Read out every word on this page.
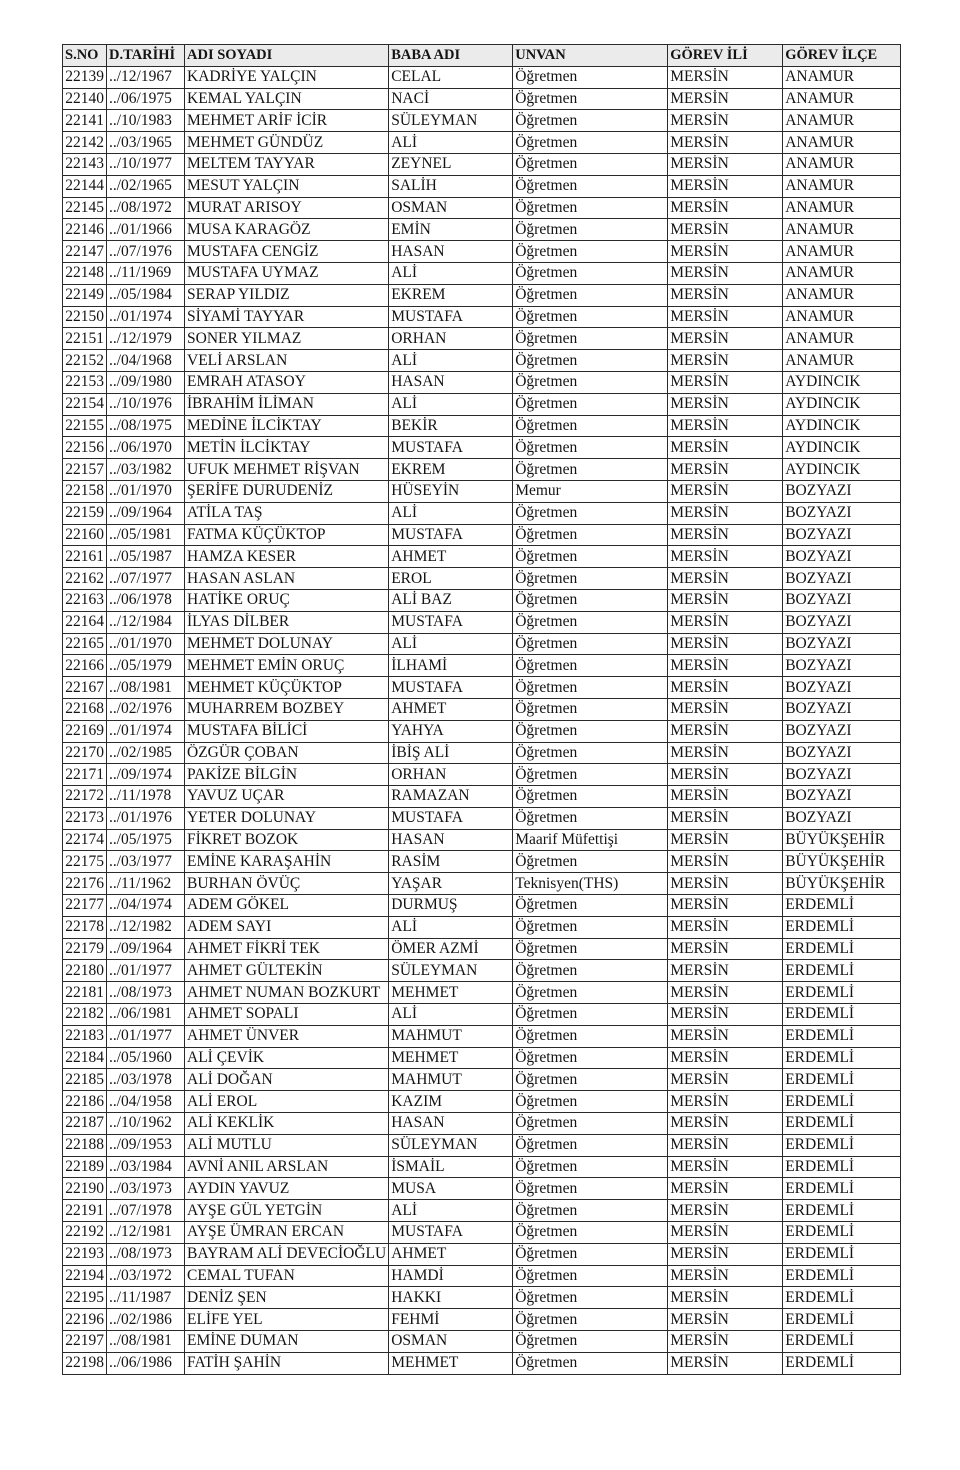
S.NO	D.TARİHİ	ADI SOYADI	BABA ADI	UNVAN	GÖREV İLİ	GÖREV İLÇE
22139	../12/1967	KADRİYE YALÇIN	CELAL	Öğretmen	MERSİN	ANAMUR
22140	../06/1975	KEMAL YALÇIN	NACİ	Öğretmen	MERSİN	ANAMUR
22141	../10/1983	MEHMET ARİF İCİR	SÜLEYMAN	Öğretmen	MERSİN	ANAMUR
22142	../03/1965	MEHMET GÜNDÜZ	ALİ	Öğretmen	MERSİN	ANAMUR
22143	../10/1977	MELTEM TAYYAR	ZEYNEL	Öğretmen	MERSİN	ANAMUR
22144	../02/1965	MESUT YALÇIN	SALİH	Öğretmen	MERSİN	ANAMUR
22145	../08/1972	MURAT ARISOY	OSMAN	Öğretmen	MERSİN	ANAMUR
22146	../01/1966	MUSA KARAGÖZ	EMİN	Öğretmen	MERSİN	ANAMUR
22147	../07/1976	MUSTAFA CENGİZ	HASAN	Öğretmen	MERSİN	ANAMUR
22148	../11/1969	MUSTAFA UYMAZ	ALİ	Öğretmen	MERSİN	ANAMUR
22149	../05/1984	SERAP YILDIZ	EKREM	Öğretmen	MERSİN	ANAMUR
22150	../01/1974	SİYAMİ TAYYAR	MUSTAFA	Öğretmen	MERSİN	ANAMUR
22151	../12/1979	SONER YILMAZ	ORHAN	Öğretmen	MERSİN	ANAMUR
22152	../04/1968	VELİ ARSLAN	ALİ	Öğretmen	MERSİN	ANAMUR
22153	../09/1980	EMRAH ATASOY	HASAN	Öğretmen	MERSİN	AYDINCIK
22154	../10/1976	İBRAHİM İLİMAN	ALİ	Öğretmen	MERSİN	AYDINCIK
22155	../08/1975	MEDİNE İLCİKTAY	BEKİR	Öğretmen	MERSİN	AYDINCIK
22156	../06/1970	METİN İLCİKTAY	MUSTAFA	Öğretmen	MERSİN	AYDINCIK
22157	../03/1982	UFUK MEHMET RİŞVAN	EKREM	Öğretmen	MERSİN	AYDINCIK
22158	../01/1970	ŞERİFE DURUDENİZ	HÜSEYİN	Memur	MERSİN	BOZYAZI
22159	../09/1964	ATİLA TAŞ	ALİ	Öğretmen	MERSİN	BOZYAZI
22160	../05/1981	FATMA KÜÇÜKTOP	MUSTAFA	Öğretmen	MERSİN	BOZYAZI
22161	../05/1987	HAMZA KESER	AHMET	Öğretmen	MERSİN	BOZYAZI
22162	../07/1977	HASAN ASLAN	EROL	Öğretmen	MERSİN	BOZYAZI
22163	../06/1978	HATİKE ORUÇ	ALİ BAZ	Öğretmen	MERSİN	BOZYAZI
22164	../12/1984	İLYAS DİLBER	MUSTAFA	Öğretmen	MERSİN	BOZYAZI
22165	../01/1970	MEHMET DOLUNAY	ALİ	Öğretmen	MERSİN	BOZYAZI
22166	../05/1979	MEHMET EMİN ORUÇ	İLHAMİ	Öğretmen	MERSİN	BOZYAZI
22167	../08/1981	MEHMET KÜÇÜKTOP	MUSTAFA	Öğretmen	MERSİN	BOZYAZI
22168	../02/1976	MUHARREM BOZBEY	AHMET	Öğretmen	MERSİN	BOZYAZI
22169	../01/1974	MUSTAFA BİLİCİ	YAHYA	Öğretmen	MERSİN	BOZYAZI
22170	../02/1985	ÖZGÜR ÇOBAN	İBİŞ ALİ	Öğretmen	MERSİN	BOZYAZI
22171	../09/1974	PAKİZE BİLGİN	ORHAN	Öğretmen	MERSİN	BOZYAZI
22172	../11/1978	YAVUZ UÇAR	RAMAZAN	Öğretmen	MERSİN	BOZYAZI
22173	../01/1976	YETER DOLUNAY	MUSTAFA	Öğretmen	MERSİN	BOZYAZI
22174	../05/1975	FİKRET BOZOK	HASAN	Maarif Müfettişi	MERSİN	BÜYÜKŞEHİR
22175	../03/1977	EMİNE KARAŞAHİN	RASİM	Öğretmen	MERSİN	BÜYÜKŞEHİR
22176	../11/1962	BURHAN ÖVÜÇ	YAŞAR	Teknisyen(THS)	MERSİN	BÜYÜKŞEHİR
22177	../04/1974	ADEM GÖKEL	DURMUŞ	Öğretmen	MERSİN	ERDEMLİ
22178	../12/1982	ADEM SAYI	ALİ	Öğretmen	MERSİN	ERDEMLİ
22179	../09/1964	AHMET FİKRİ TEK	ÖMER AZMİ	Öğretmen	MERSİN	ERDEMLİ
22180	../01/1977	AHMET GÜLTEKİN	SÜLEYMAN	Öğretmen	MERSİN	ERDEMLİ
22181	../08/1973	AHMET NUMAN BOZKURT	MEHMET	Öğretmen	MERSİN	ERDEMLİ
22182	../06/1981	AHMET SOPALI	ALİ	Öğretmen	MERSİN	ERDEMLİ
22183	../01/1977	AHMET ÜNVER	MAHMUT	Öğretmen	MERSİN	ERDEMLİ
22184	../05/1960	ALİ ÇEVİK	MEHMET	Öğretmen	MERSİN	ERDEMLİ
22185	../03/1978	ALİ DOĞAN	MAHMUT	Öğretmen	MERSİN	ERDEMLİ
22186	../04/1958	ALİ EROL	KAZIM	Öğretmen	MERSİN	ERDEMLİ
22187	../10/1962	ALİ KEKLİK	HASAN	Öğretmen	MERSİN	ERDEMLİ
22188	../09/1953	ALİ MUTLU	SÜLEYMAN	Öğretmen	MERSİN	ERDEMLİ
22189	../03/1984	AVNİ ANIL ARSLAN	İSMAİL	Öğretmen	MERSİN	ERDEMLİ
22190	../03/1973	AYDIN YAVUZ	MUSA	Öğretmen	MERSİN	ERDEMLİ
22191	../07/1978	AYŞE GÜL YETGİN	ALİ	Öğretmen	MERSİN	ERDEMLİ
22192	../12/1981	AYŞE ÜMRAN ERCAN	MUSTAFA	Öğretmen	MERSİN	ERDEMLİ
22193	../08/1973	BAYRAM ALİ DEVECİOĞLU	AHMET	Öğretmen	MERSİN	ERDEMLİ
22194	../03/1972	CEMAL TUFAN	HAMDİ	Öğretmen	MERSİN	ERDEMLİ
22195	../11/1987	DENİZ ŞEN	HAKKI	Öğretmen	MERSİN	ERDEMLİ
22196	../02/1986	ELİFE YEL	FEHMİ	Öğretmen	MERSİN	ERDEMLİ
22197	../08/1981	EMİNE DUMAN	OSMAN	Öğretmen	MERSİN	ERDEMLİ
22198	../06/1986	FATİH ŞAHİN	MEHMET	Öğretmen	MERSİN	ERDEMLİ
